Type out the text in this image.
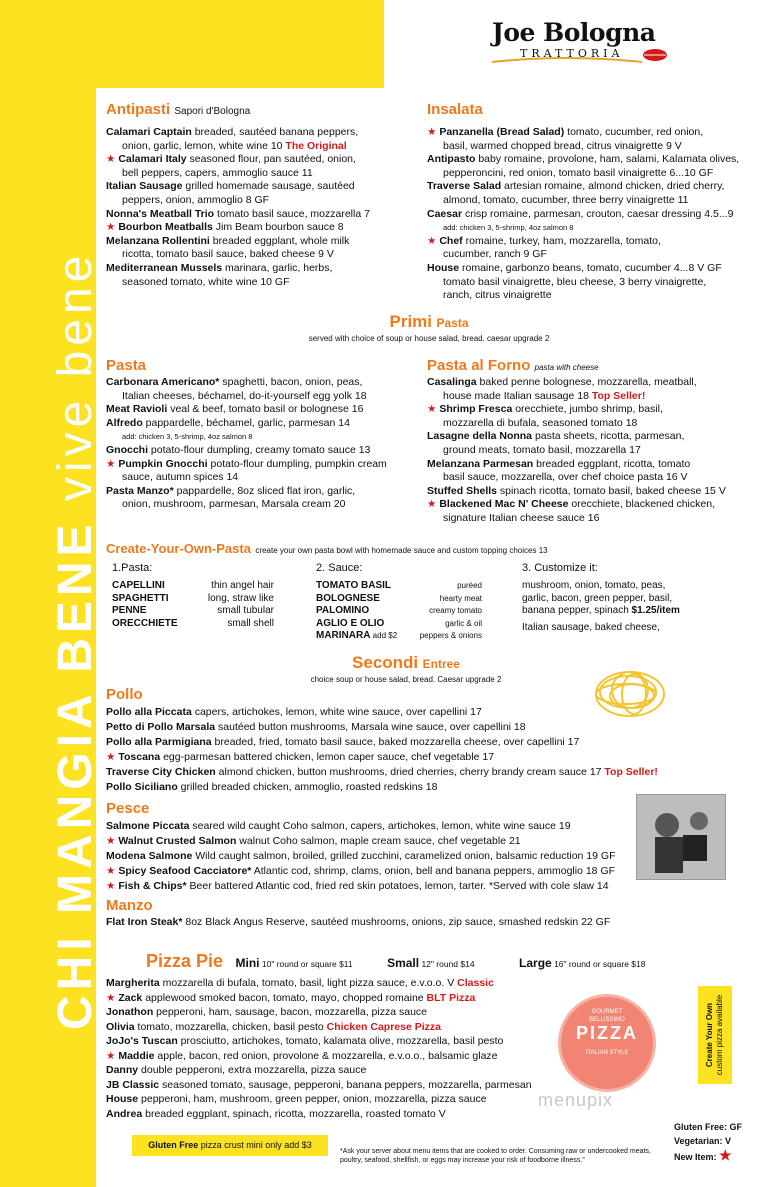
CHI MANGIA BENE vive bene
Joe Bologna
TRATTORIA
Antipasti Sapori d'Bologna
Calamari Captain breaded, sautéed banana peppers,
onion, garlic, lemon, white wine 10 The Original
★ Calamari Italy seasoned flour, pan sautéed, onion,
bell peppers, capers, ammoglio sauce 11
Italian Sausage grilled homemade sausage, sautéed
peppers, onion, ammoglio 8 GF
Nonna's Meatball Trio tomato basil sauce, mozzarella 7
★ Bourbon Meatballs Jim Beam bourbon sauce 8
Melanzana Rollentini breaded eggplant, whole milk
ricotta, tomato basil sauce, baked cheese 9 V
Mediterranean Mussels marinara, garlic, herbs,
seasoned tomato, white wine 10 GF
Insalata
★ Panzanella (Bread Salad) tomato, cucumber, red onion,
basil, warmed chopped bread, citrus vinaigrette 9 V
Antipasto baby romaine, provolone, ham, salami, Kalamata olives,
pepperoncini, red onion, tomato basil vinaigrette 6...10 GF
Traverse Salad artesian romaine, almond chicken, dried cherry,
almond, tomato, cucumber, three berry vinaigrette 11
Caesar crisp romaine, parmesan, crouton, caesar dressing 4.5...9
add: chicken 3, 5-shrimp, 4oz salmon 8
★ Chef romaine, turkey, ham, mozzarella, tomato,
cucumber, ranch 9 GF
House romaine, garbonzo beans, tomato, cucumber 4...8 V GF
tomato basil vinaigrette, bleu cheese, 3 berry vinaigrette,
ranch, citrus vinaigrette
Primi Pasta
served with choice of soup or house salad, bread. caesar upgrade 2
Pasta
Carbonara Americano* spaghetti, bacon, onion, peas,
Italian cheeses, béchamel, do-it-yourself egg yolk 18
Meat Ravioli veal & beef, tomato basil or bolognese 16
Alfredo pappardelle, béchamel, garlic, parmesan 14
add: chicken 3, 5-shrimp, 4oz salmon 8
Gnocchi potato-flour dumpling, creamy tomato sauce 13
★ Pumpkin Gnocchi potato-flour dumpling, pumpkin cream
sauce, autumn spices 14
Pasta Manzo* pappardelle, 8oz sliced flat iron, garlic,
onion, mushroom, parmesan, Marsala cream 20
Pasta al Forno pasta with cheese
Casalinga baked penne bolognese, mozzarella, meatball,
house made Italian sausage 18 Top Seller!
★ Shrimp Fresca orecchiete, jumbo shrimp, basil,
mozzarella di bufala, seasoned tomato 18
Lasagne della Nonna pasta sheets, ricotta, parmesan,
ground meats, tomato basil, mozzarella 17
Melanzana Parmesan breaded eggplant, ricotta, tomato
basil sauce, mozzarella, over chef choice pasta 16 V
Stuffed Shells spinach ricotta, tomato basil, baked cheese 15 V
★ Blackened Mac N' Cheese orecchiete, blackened chicken,
signature Italian cheese sauce 16
Create-Your-Own-Pasta create your own pasta bowl with homemade sauce and custom topping choices 13
1.Pasta:
CAPELLINI	thin angel hair
SPAGHETTI	long, straw like
PENNE	small tubular
ORECCHIETE	small shell
2. Sauce:
TOMATO BASIL	puréed
BOLOGNESE	hearty meat
PALOMINO	creamy tomato
AGLIO E OLIO	garlic & oil
MARINARA add $2	peppers & onions
3. Customize it:
mushroom, onion, tomato, peas,
garlic, bacon, green pepper, basil,
banana pepper, spinach $1.25/item
Italian sausage, baked cheese,
Secondi Entree
choice soup or house salad, bread. Caesar upgrade 2
Pollo
Pollo alla Piccata capers, artichokes, lemon, white wine sauce, over capellini 17
Petto di Pollo Marsala sautéed button mushrooms, Marsala wine sauce, over capellini 18
Pollo alla Parmigiana breaded, fried, tomato basil sauce, baked mozzarella cheese, over capellini 17
★ Toscana egg-parmesan battered chicken, lemon caper sauce, chef vegetable 17
Traverse City Chicken almond chicken, button mushrooms, dried cherries, cherry brandy cream sauce 17 Top Seller!
Pollo Siciliano grilled breaded chicken, ammoglio, roasted redskins 18
Pesce
Salmone Piccata seared wild caught Coho salmon, capers, artichokes, lemon, white wine sauce 19
★ Walnut Crusted Salmon walnut Coho salmon, maple cream sauce, chef vegetable 21
Modena Salmone Wild caught salmon, broiled, grilled zucchini, caramelized onion, balsamic reduction 19 GF
★ Spicy Seafood Cacciatore* Atlantic cod, shrimp, clams, onion, bell and banana peppers, ammoglio 18 GF
★ Fish & Chips* Beer battered Atlantic cod, fried red skin potatoes, lemon, tarter. *Served with cole slaw 14
Manzo
Flat Iron Steak* 8oz Black Angus Reserve, sautéed mushrooms, onions, zip sauce, smashed redskin 22 GF
Pizza Pie Mini 10" round or square $11	Small 12" round $14	Large 16" round or square $18
Margherita mozzarella di bufala, tomato, basil, light pizza sauce, e.v.o.o. V Classic
★ Zack applewood smoked bacon, tomato, mayo, chopped romaine BLT Pizza
Jonathon pepperoni, ham, sausage, bacon, mozzarella, pizza sauce
Olivia tomato, mozzarella, chicken, basil pesto Chicken Caprese Pizza
JoJo's Tuscan prosciutto, artichokes, tomato, kalamata olive, mozzarella, basil pesto
★ Maddie apple, bacon, red onion, provolone & mozzarella, e.v.o.o., balsamic glaze
Danny double pepperoni, extra mozzarella, pizza sauce
JB Classic seasoned tomato, sausage, pepperoni, banana peppers, mozzarella, parmesan
House pepperoni, ham, mushroom, green pepper, onion, mozzarella, pizza sauce
Andrea breaded eggplant, spinach, ricotta, mozzarella, roasted tomato V
Create Your Own
custom pizza available
GOURMET
BELLISSIMO
PIZZA
ITALIAN STYLE
menupix
Gluten Free pizza crust mini only add $3
*Ask your server about menu items that are cooked to order. Consuming raw or undercooked meats, poultry, seafood, shellfish, or eggs may increase your risk of foodborne illness."
Gluten Free: GF
Vegetarian: V
New Item: ★
